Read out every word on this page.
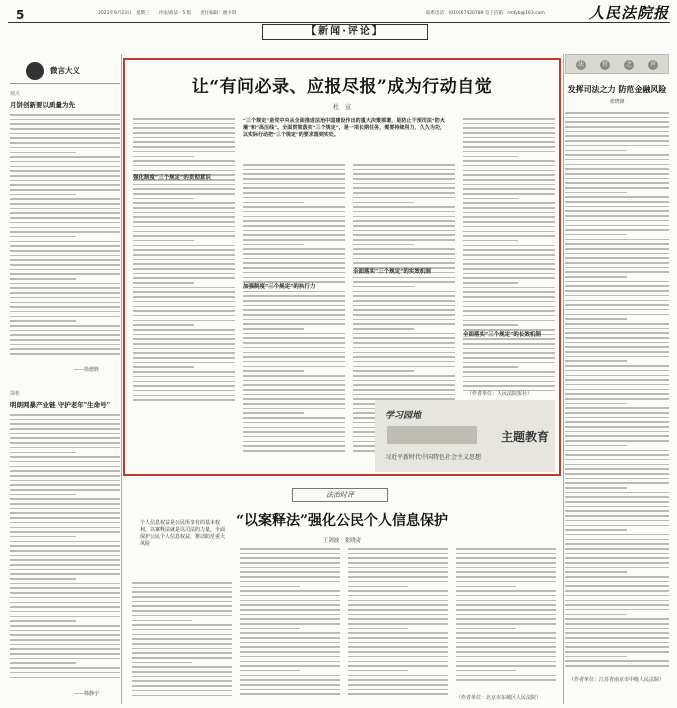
5	2021年9月23日　星期三　　评论/政法 · 5 版　　责任编辑：谢少琪	联系电话：(010)67420789 电子信箱：rmfyb@163.com	人民法院报
【新闻·评论】
微言大义
观点
月饼创新要以质量为先
——徐德胜
探析
明朗网暴产业链 守护老年"生命号"
——韩静宇
让“有问必录、应报尽报”成为行动自觉
杜　宣
“三个规定”是党中央从全面推进法治中国建设作出的重大决策部署，是防止干预司法“防火墙”和“高压线”。全面贯彻落实“三个规定”，是一项长期任务，需要持续用力、久久为功，以实际行动把“三个规定”的要求落到实处。
强化制度“三个规定”的贯彻意识
加强制度“三个规定”的执行力
全面落实“三个规定”的实效机制
全面落实“三个规定”的长效机制
（作者单位：人民法院报社）
学习园地
主题教育
习近平新时代中国特色社会主义思想
法	官	之	声
发挥司法之力 防范金融风险
张晓锋
（作者单位：江苏省南京市中级人民法院）
法治时评
“以案释法”强化公民个人信息保护
王剑波　张晓奇
个人信息权益是公民所享有的基本权利。以案释法就是以司法的力量，全面保护公民个人信息权益，推动防范重大风险
（作者单位：北京市东城区人民法院）
